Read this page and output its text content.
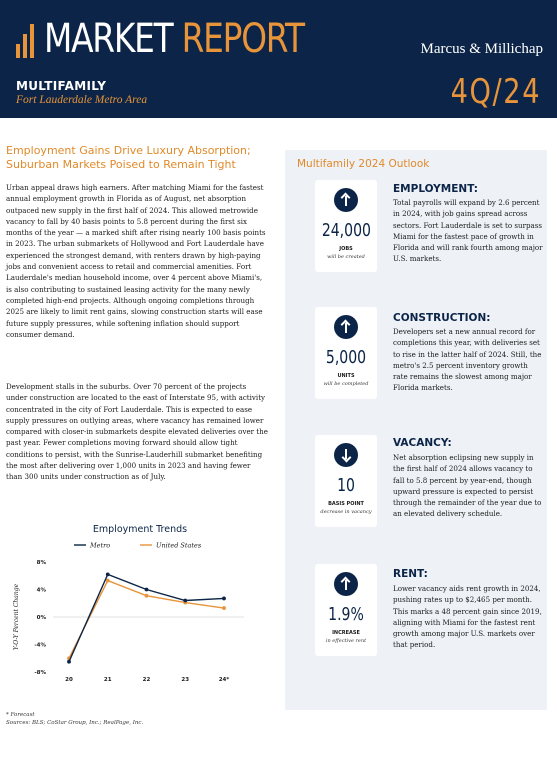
MARKET REPORT	Marcus & Millichap
MULTIFAMILY
Fort Lauderdale Metro Area	4Q/24
Employment Gains Drive Luxury Absorption;
Suburban Markets Poised to Remain Tight

Urban appeal draws high earners. After matching Miami for the fastest annual employment growth in Florida as of August, net absorption outpaced new supply in the first half of 2024. This allowed metrowide vacancy to fall by 40 basis points to 5.8 percent during the first six months of the year — a marked shift after rising nearly 100 basis points in 2023. The urban submarkets of Hollywood and Fort Lauderdale have experienced the strongest demand, with renters drawn by high-paying jobs and convenient access to retail and commercial amenities. Fort Lauderdale's median household income, over 4 percent above Miami's, is also contributing to sustained leasing activity for the many newly completed high-end projects. Although ongoing completions through 2025 are likely to limit rent gains, slowing construction starts will ease future supply pressures, while softening inflation should support consumer demand.

Development stalls in the suburbs. Over 70 percent of the projects under construction are located to the east of Interstate 95, with activity concentrated in the city of Fort Lauderdale. This is expected to ease supply pressures on outlying areas, where vacancy has remained lower compared with closer-in submarkets despite elevated deliveries over the past year. Fewer completions moving forward should allow tight conditions to persist, with the Sunrise-Lauderhill submarket benefiting the most after delivering over 1,000 units in 2023 and having fewer than 300 units under construction as of July.

Employment Trends
Metro	United States
8%
4%
0%
-4%
-8%
Y-O-Y Percent Change
20	21	22	23	24*
* Forecast
Sources: BLS; CoStar Group, Inc.; RealPage, Inc.
Multifamily 2024 Outlook
24,000
JOBS
will be created
EMPLOYMENT:

Total payrolls will expand by 2.6 percent in 2024, with job gains spread across sectors. Fort Lauderdale is set to surpass Miami for the fastest pace of growth in Florida and will rank fourth among major U.S. markets.

5,000
UNITS
will be completed
CONSTRUCTION:

Developers set a new annual record for completions this year, with deliveries set to rise in the latter half of 2024. Still, the metro's 2.5 percent inventory growth rate remains the slowest among major Florida markets.

10
BASIS POINT
decrease in vacancy
VACANCY:

Net absorption eclipsing new supply in the first half of 2024 allows vacancy to fall to 5.8 percent by year-end, though upward pressure is expected to persist through the remainder of the year due to an elevated delivery schedule.

1.9%
INCREASE
in effective rent
RENT:

Lower vacancy aids rent growth in 2024, pushing rates up to $2,465 per month. This marks a 48 percent gain since 2019, aligning with Miami for the fastest rent growth among major U.S. markets over that period.
